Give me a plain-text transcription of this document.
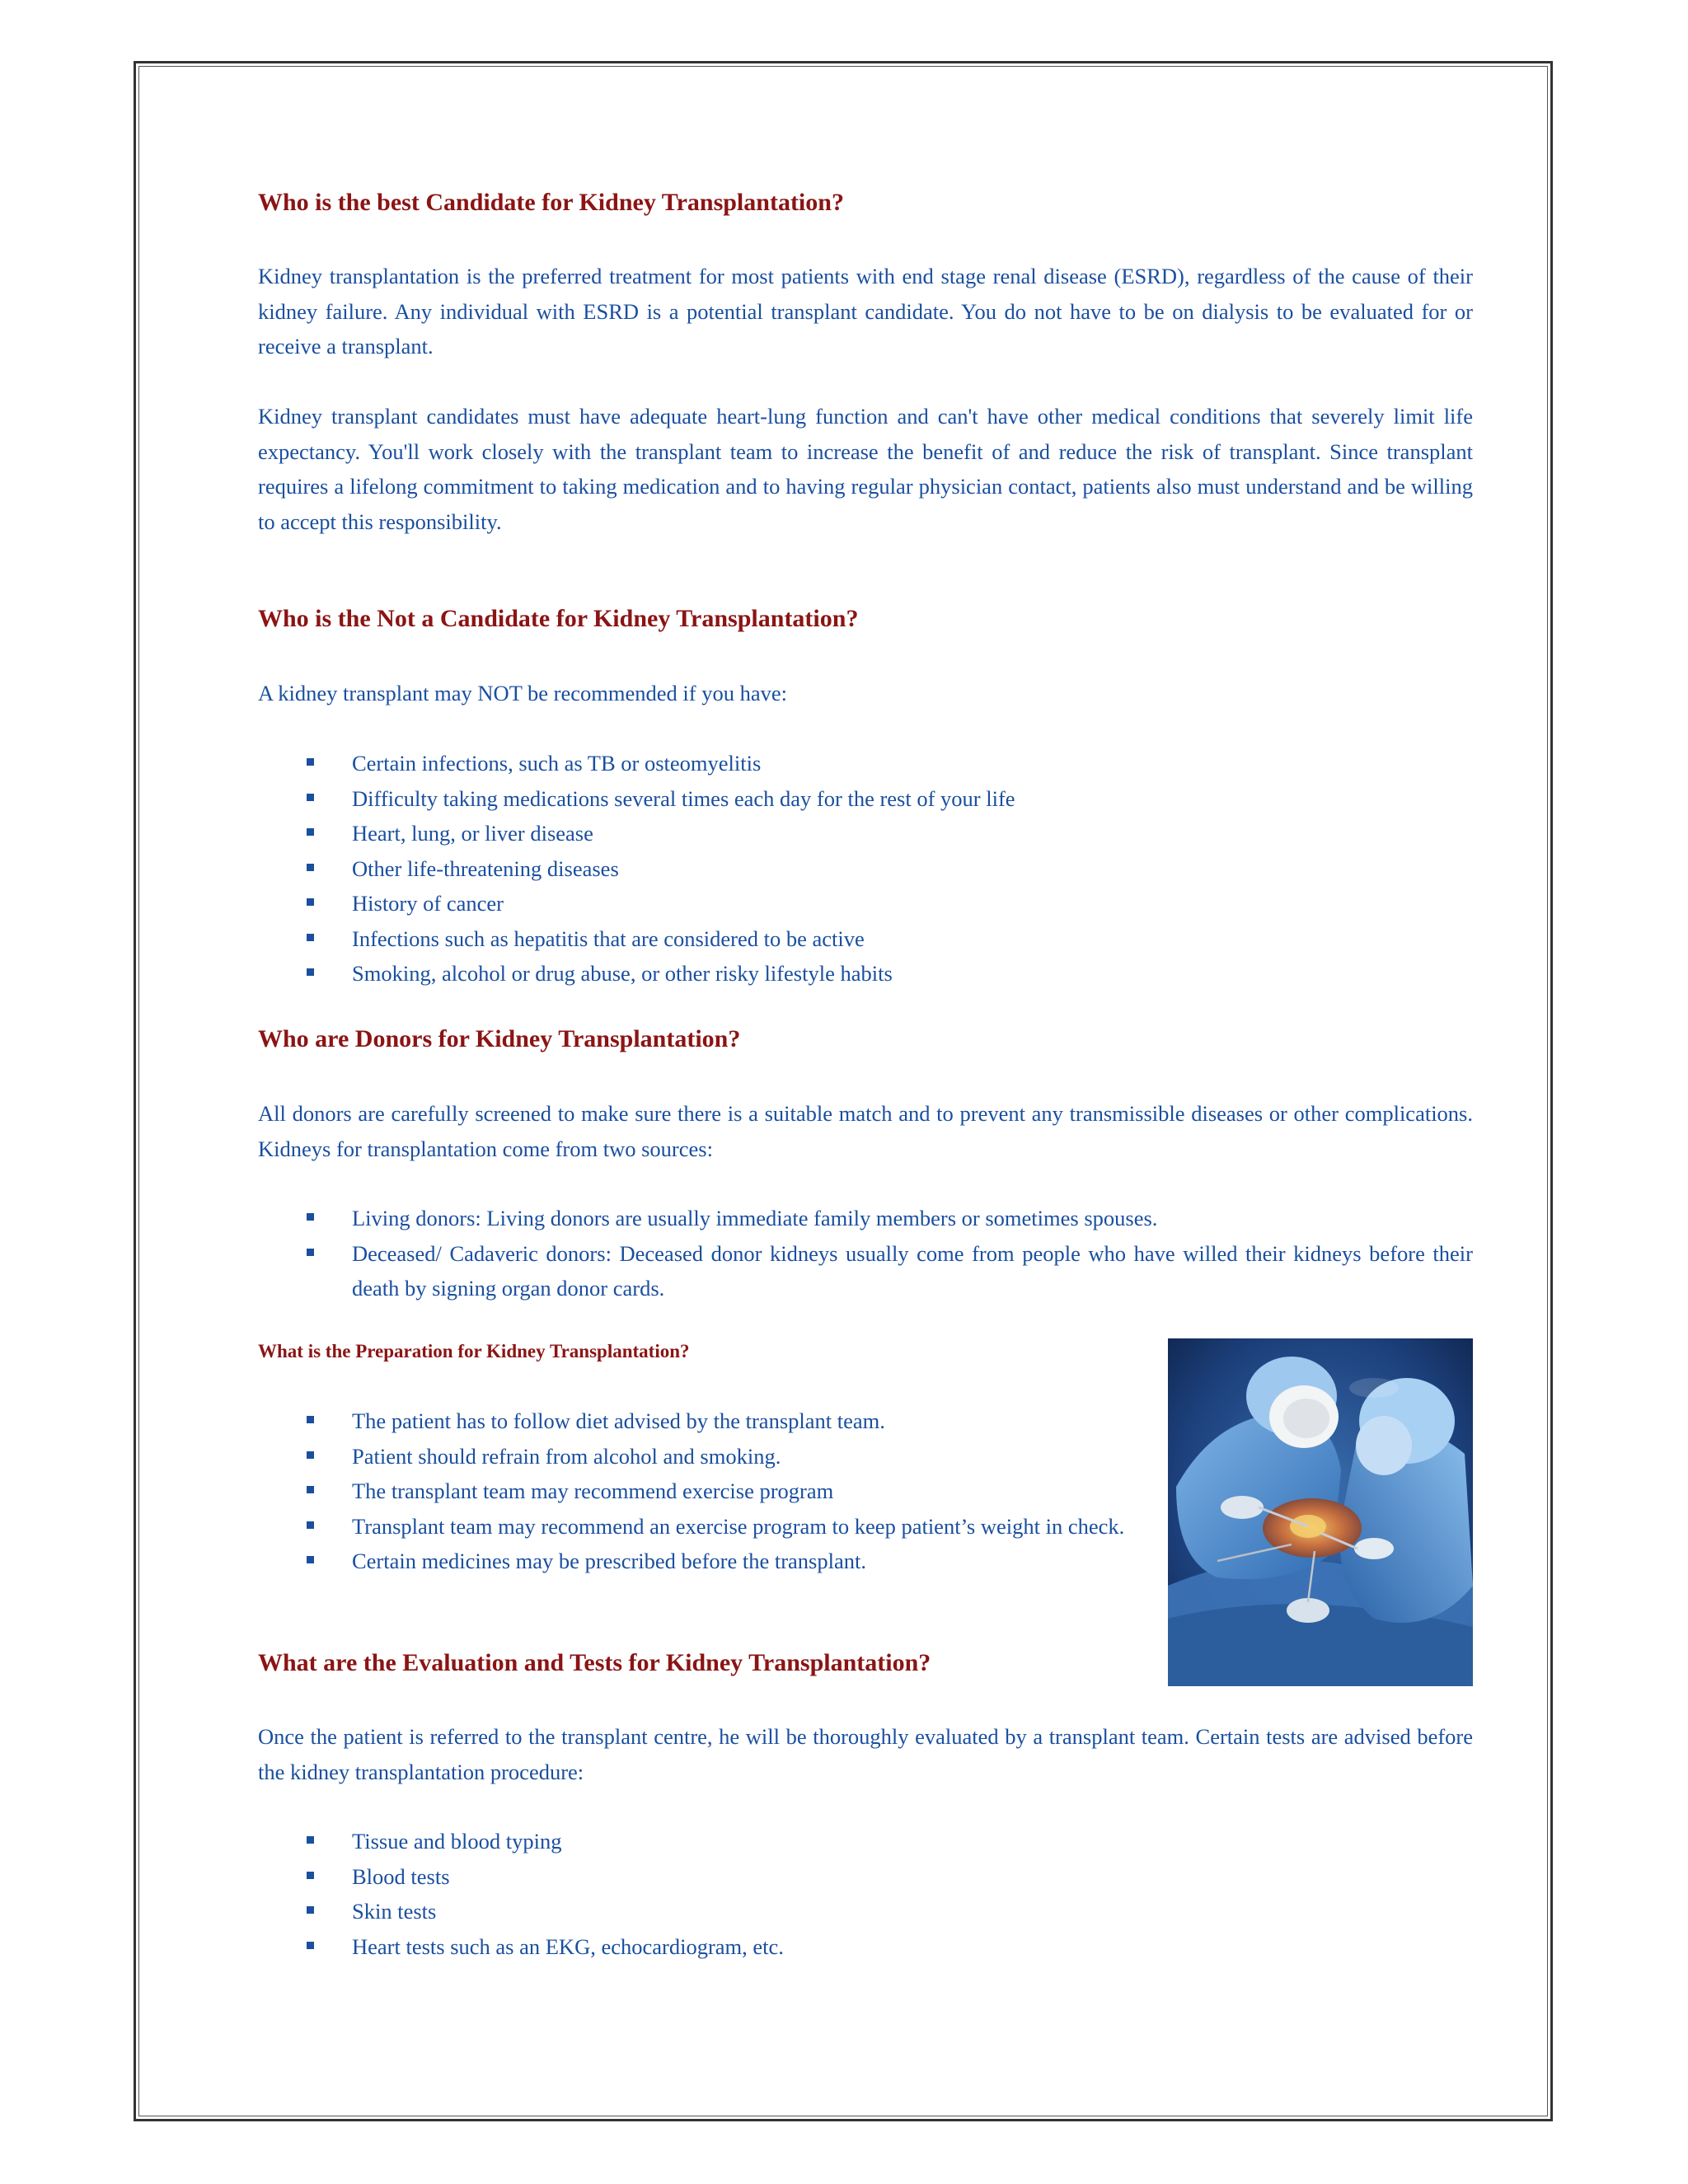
Who is the best Candidate for Kidney Transplantation?

Kidney transplantation is the preferred treatment for most patients with end stage renal disease (ESRD), regardless of the cause of their kidney failure. Any individual with ESRD is a potential transplant candidate. You do not have to be on dialysis to be evaluated for or receive a transplant.

Kidney transplant candidates must have adequate heart-lung function and can't have other medical conditions that severely limit life expectancy. You'll work closely with the transplant team to increase the benefit of and reduce the risk of transplant. Since transplant requires a lifelong commitment to taking medication and to having regular physician contact, patients also must understand and be willing to accept this responsibility.

Who is the Not a Candidate for Kidney Transplantation?

A kidney transplant may NOT be recommended if you have:

Certain infections, such as TB or osteomyelitis
Difficulty taking medications several times each day for the rest of your life
Heart, lung, or liver disease
Other life-threatening diseases
History of cancer
Infections such as hepatitis that are considered to be active
Smoking, alcohol or drug abuse, or other risky lifestyle habits
Who are Donors for Kidney Transplantation?

All donors are carefully screened to make sure there is a suitable match and to prevent any transmissible diseases or other complications. Kidneys for transplantation come from two sources:

Living donors: Living donors are usually immediate family members or sometimes spouses.
Deceased/ Cadaveric donors: Deceased donor kidneys usually come from people who have willed their kidneys before their death by signing organ donor cards.
What is the Preparation for Kidney Transplantation?
The patient has to follow diet advised by the transplant team.
Patient should refrain from alcohol and smoking.
The transplant team may recommend exercise program
Transplant team may recommend an exercise program to keep patient’s weight in check.
Certain medicines may be prescribed before the transplant.
What are the Evaluation and Tests for Kidney Transplantation?

Once the patient is referred to the transplant centre, he will be thoroughly evaluated by a transplant team. Certain tests are advised before the kidney transplantation procedure:

Tissue and blood typing
Blood tests
Skin tests
Heart tests such as an EKG, echocardiogram, etc.
